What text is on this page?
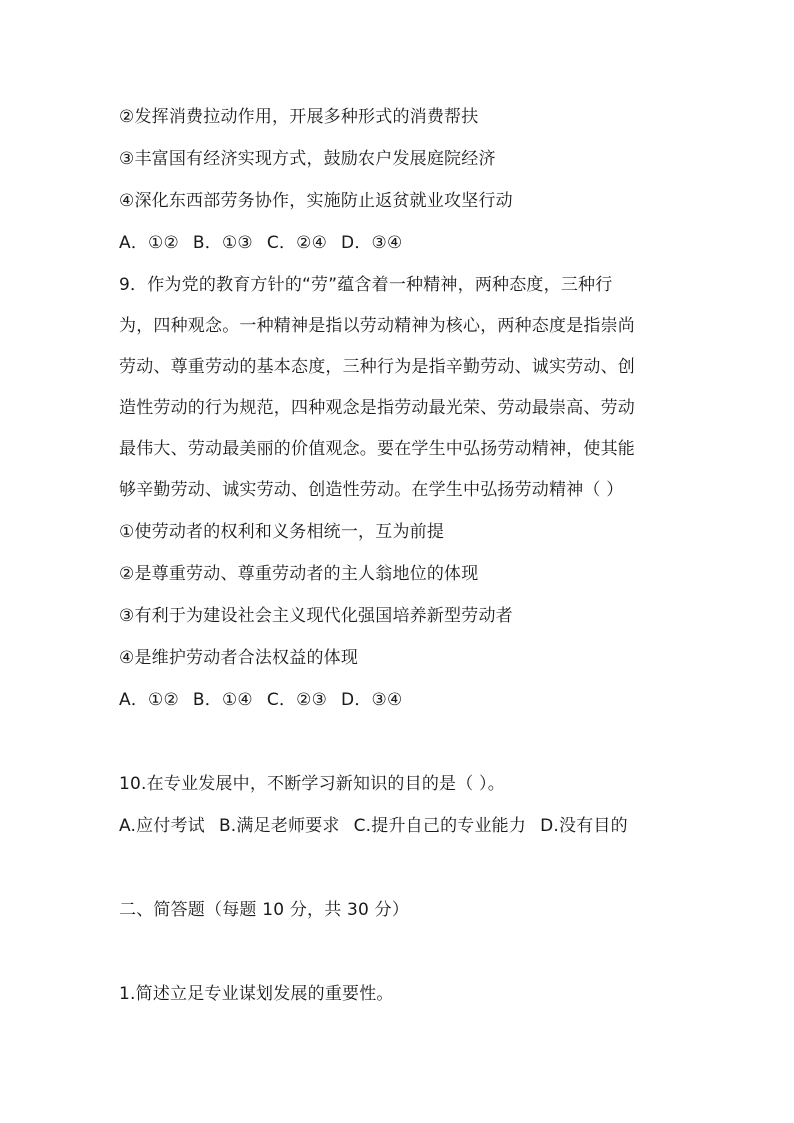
②发挥消费拉动作用，开展多种形式的消费帮扶
③丰富国有经济实现方式，鼓励农户发展庭院经济
④深化东西部劳务协作，实施防止返贫就业攻坚行动
A．①② B．①③ C．②④ D．③④
9．作为党的教育方针的“劳”蕴含着一种精神，两种态度，三种行
为，四种观念。一种精神是指以劳动精神为核心，两种态度是指崇尚
劳动、尊重劳动的基本态度，三种行为是指辛勤劳动、诚实劳动、创
造性劳动的行为规范，四种观念是指劳动最光荣、劳动最崇高、劳动
最伟大、劳动最美丽的价值观念。要在学生中弘扬劳动精神，使其能
够辛勤劳动、诚实劳动、创造性劳动。在学生中弘扬劳动精神（ ）
①使劳动者的权利和义务相统一，互为前提
②是尊重劳动、尊重劳动者的主人翁地位的体现
③有利于为建设社会主义现代化强国培养新型劳动者
④是维护劳动者合法权益的体现
A．①② B．①④ C．②③ D．③④
10.在专业发展中，不断学习新知识的目的是（ ）。
A.应付考试 B.满足老师要求 C.提升自己的专业能力 D.没有目的
二、简答题（每题 10 分，共 30 分）
1.简述立足专业谋划发展的重要性。
